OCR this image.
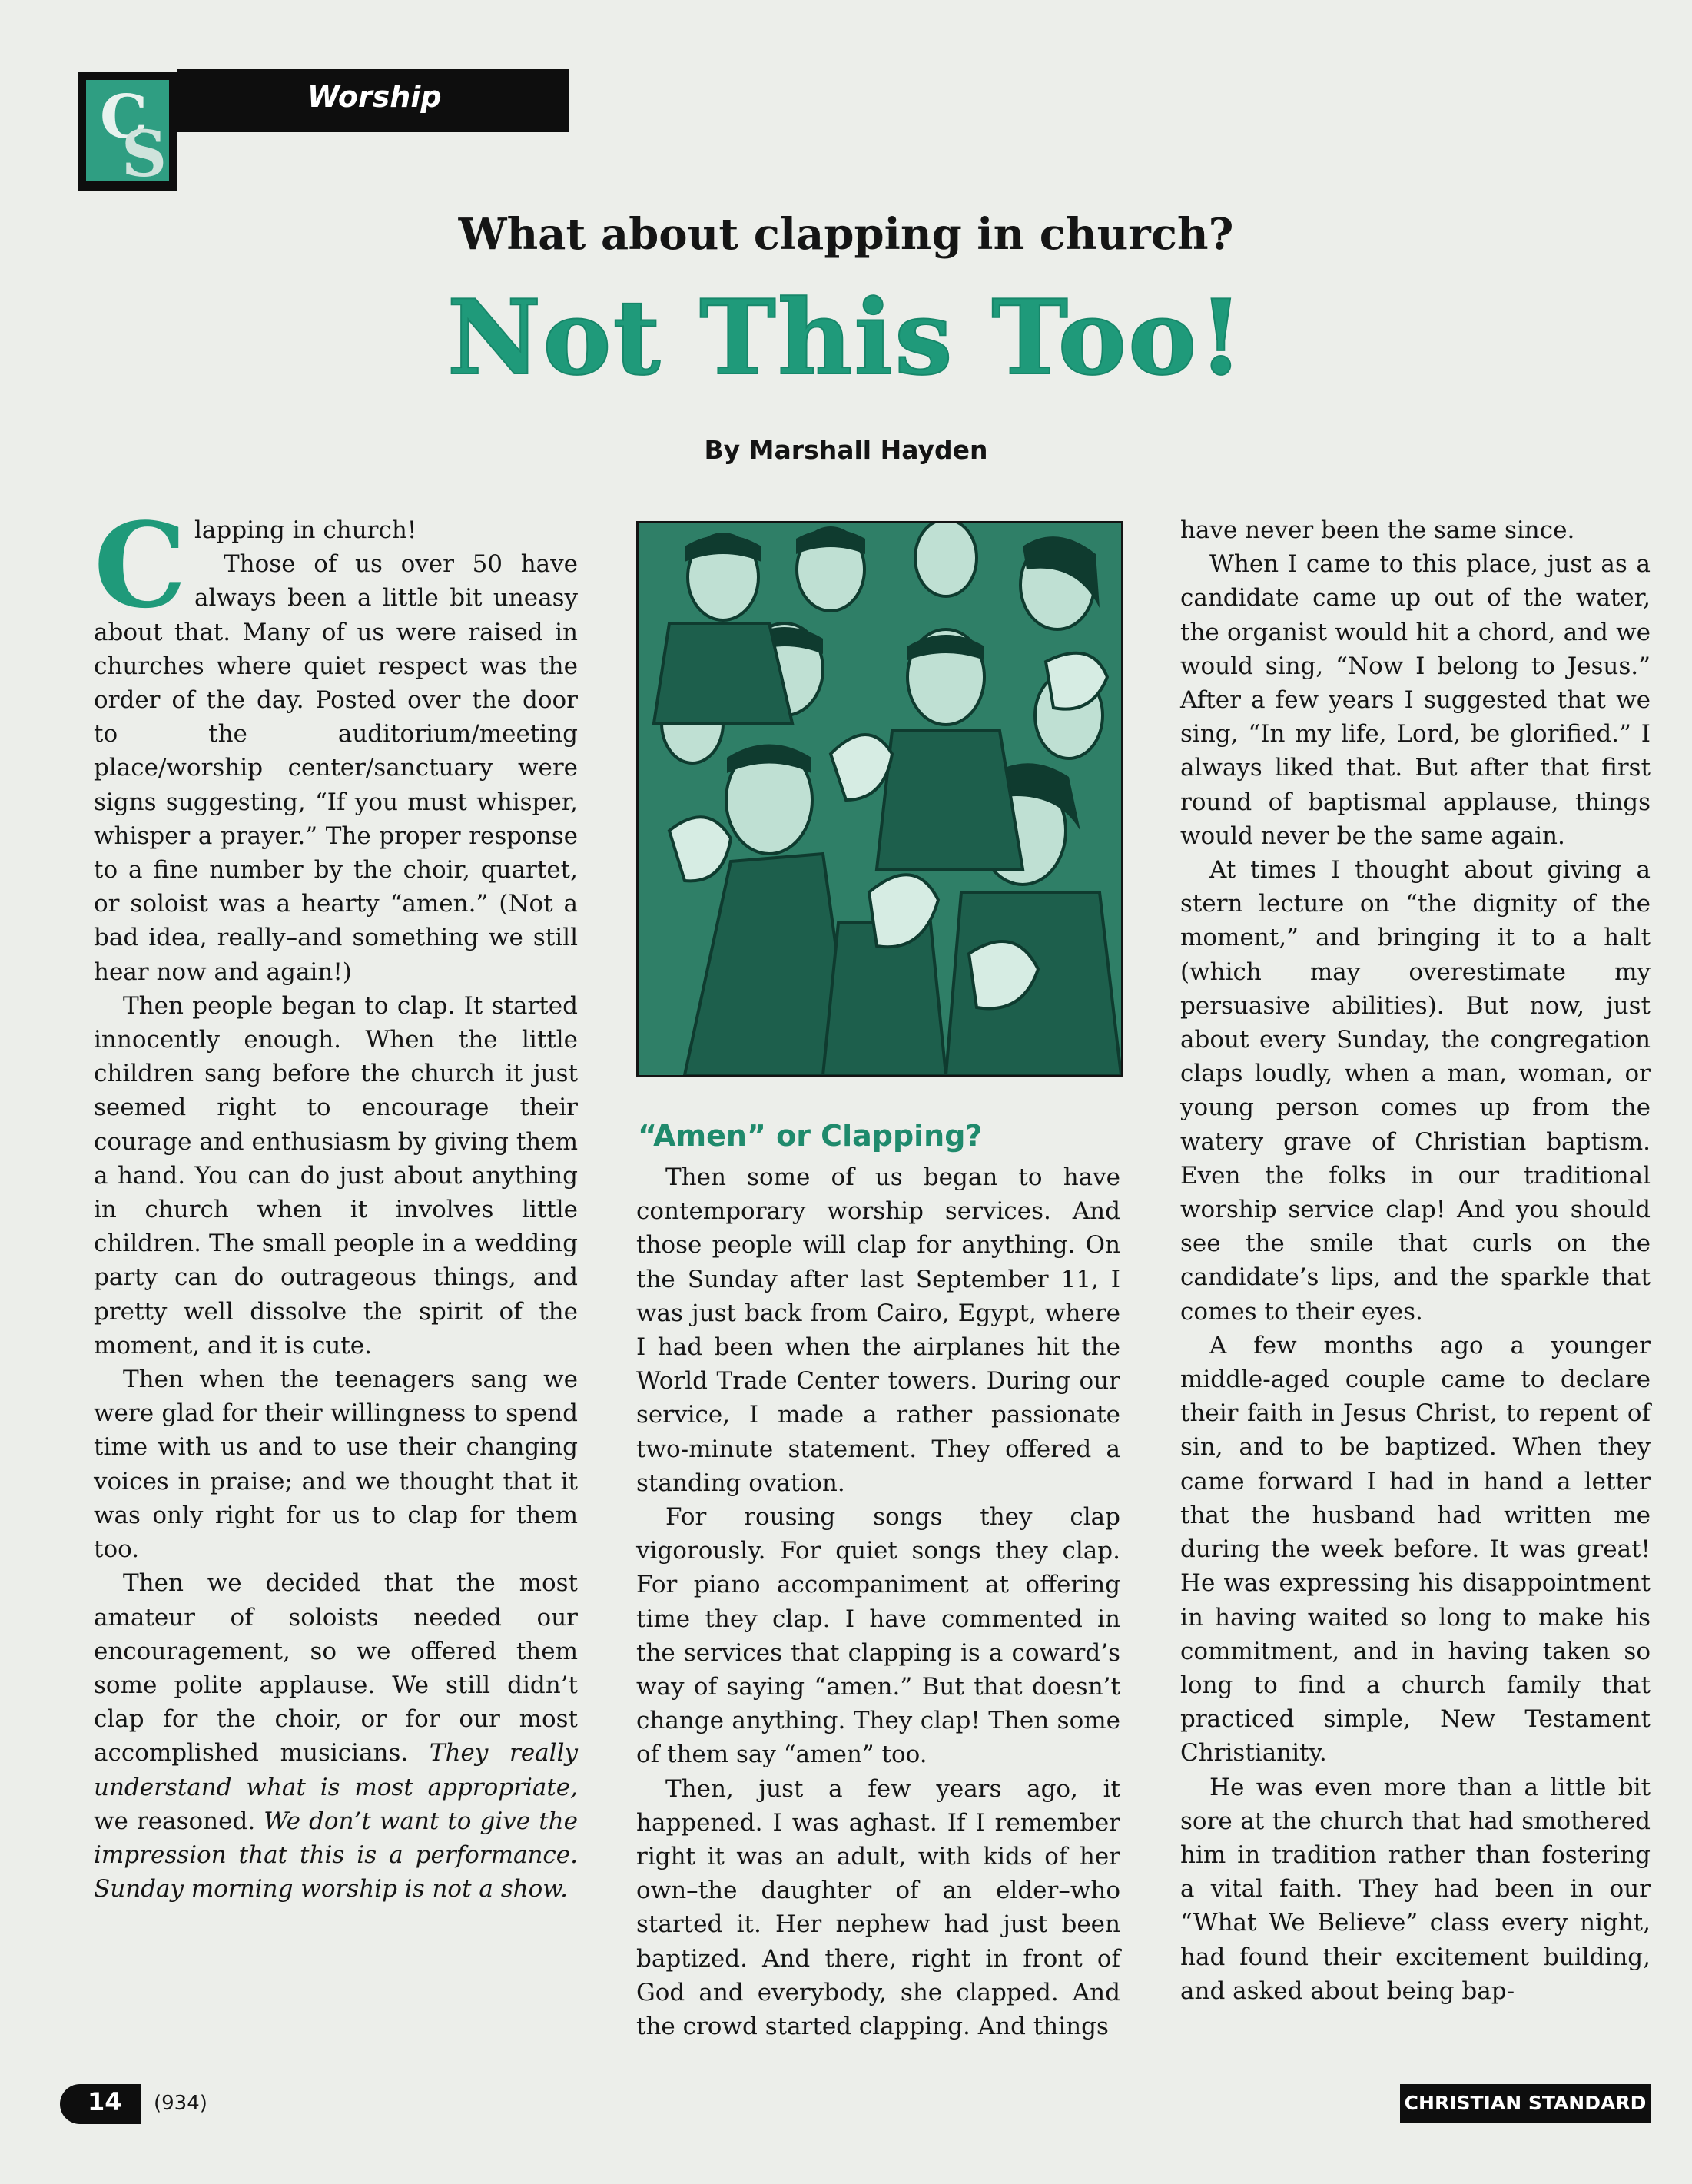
C
S
Worship
What about clapping in church?
Not This Too!
By Marshall Hayden

C lapping in church!

Those of us over 50 have always been a little bit uneasy about that. Many of us were raised in churches where quiet respect was the order of the day. Posted over the door to the auditorium/meeting place/worship center/sanctuary were signs suggesting, “If you must whisper, whisper a prayer.” The proper response to a fine number by the choir, quartet, or soloist was a hearty “amen.” (Not a bad idea, really–and something we still hear now and again!)

Then people began to clap. It started innocently enough. When the little children sang before the church it just seemed right to encourage their courage and enthusiasm by giving them a hand. You can do just about anything in church when it involves little children. The small people in a wedding party can do outrageous things, and pretty well dissolve the spirit of the moment, and it is cute.

Then when the teenagers sang we were glad for their willingness to spend time with us and to use their changing voices in praise; and we thought that it was only right for us to clap for them too.

Then we decided that the most amateur of soloists needed our encouragement, so we offered them some polite applause. We still didn’t clap for the choir, or for our most accomplished musicians. They really understand what is most appropriate, we reasoned. We don’t want to give the impression that this is a performance. Sunday morning worship is not a show.

“Amen” or Clapping?

Then some of us began to have contemporary worship services. And those people will clap for anything. On the Sunday after last September 11, I was just back from Cairo, Egypt, where I had been when the airplanes hit the World Trade Center towers. During our service, I made a rather passionate two-minute statement. They offered a standing ovation.

For rousing songs they clap vigorously. For quiet songs they clap. For piano accompaniment at offering time they clap. I have commented in the services that clapping is a coward’s way of saying “amen.” But that doesn’t change anything. They clap! Then some of them say “amen” too.

Then, just a few years ago, it happened. I was aghast. If I remember right it was an adult, with kids of her own–the daughter of an elder–who started it. Her nephew had just been baptized. And there, right in front of God and everybody, she clapped. And the crowd started clapping. And things

have never been the same since.

When I came to this place, just as a candidate came up out of the water, the organist would hit a chord, and we would sing, “Now I belong to Jesus.” After a few years I suggested that we sing, “In my life, Lord, be glorified.” I always liked that. But after that first round of baptismal applause, things would never be the same again.

At times I thought about giving a stern lecture on “the dignity of the moment,” and bringing it to a halt (which may overestimate my persuasive abilities). But now, just about every Sunday, the congregation claps loudly, when a man, woman, or young person comes up from the watery grave of Christian baptism. Even the folks in our traditional worship service clap! And you should see the smile that curls on the candidate’s lips, and the sparkle that comes to their eyes.

A few months ago a younger middle-aged couple came to declare their faith in Jesus Christ, to repent of sin, and to be baptized. When they came forward I had in hand a letter that the husband had written me during the week before. It was great! He was expressing his disappointment in having waited so long to make his commitment, and in having taken so long to find a church family that practiced simple, New Testament Christianity.

He was even more than a little bit sore at the church that had smothered him in tradition rather than fostering a vital faith. They had been in our “What We Believe” class every night, had found their excitement building, and asked about being bap-

14 (934)	CHRISTIAN STANDARD
